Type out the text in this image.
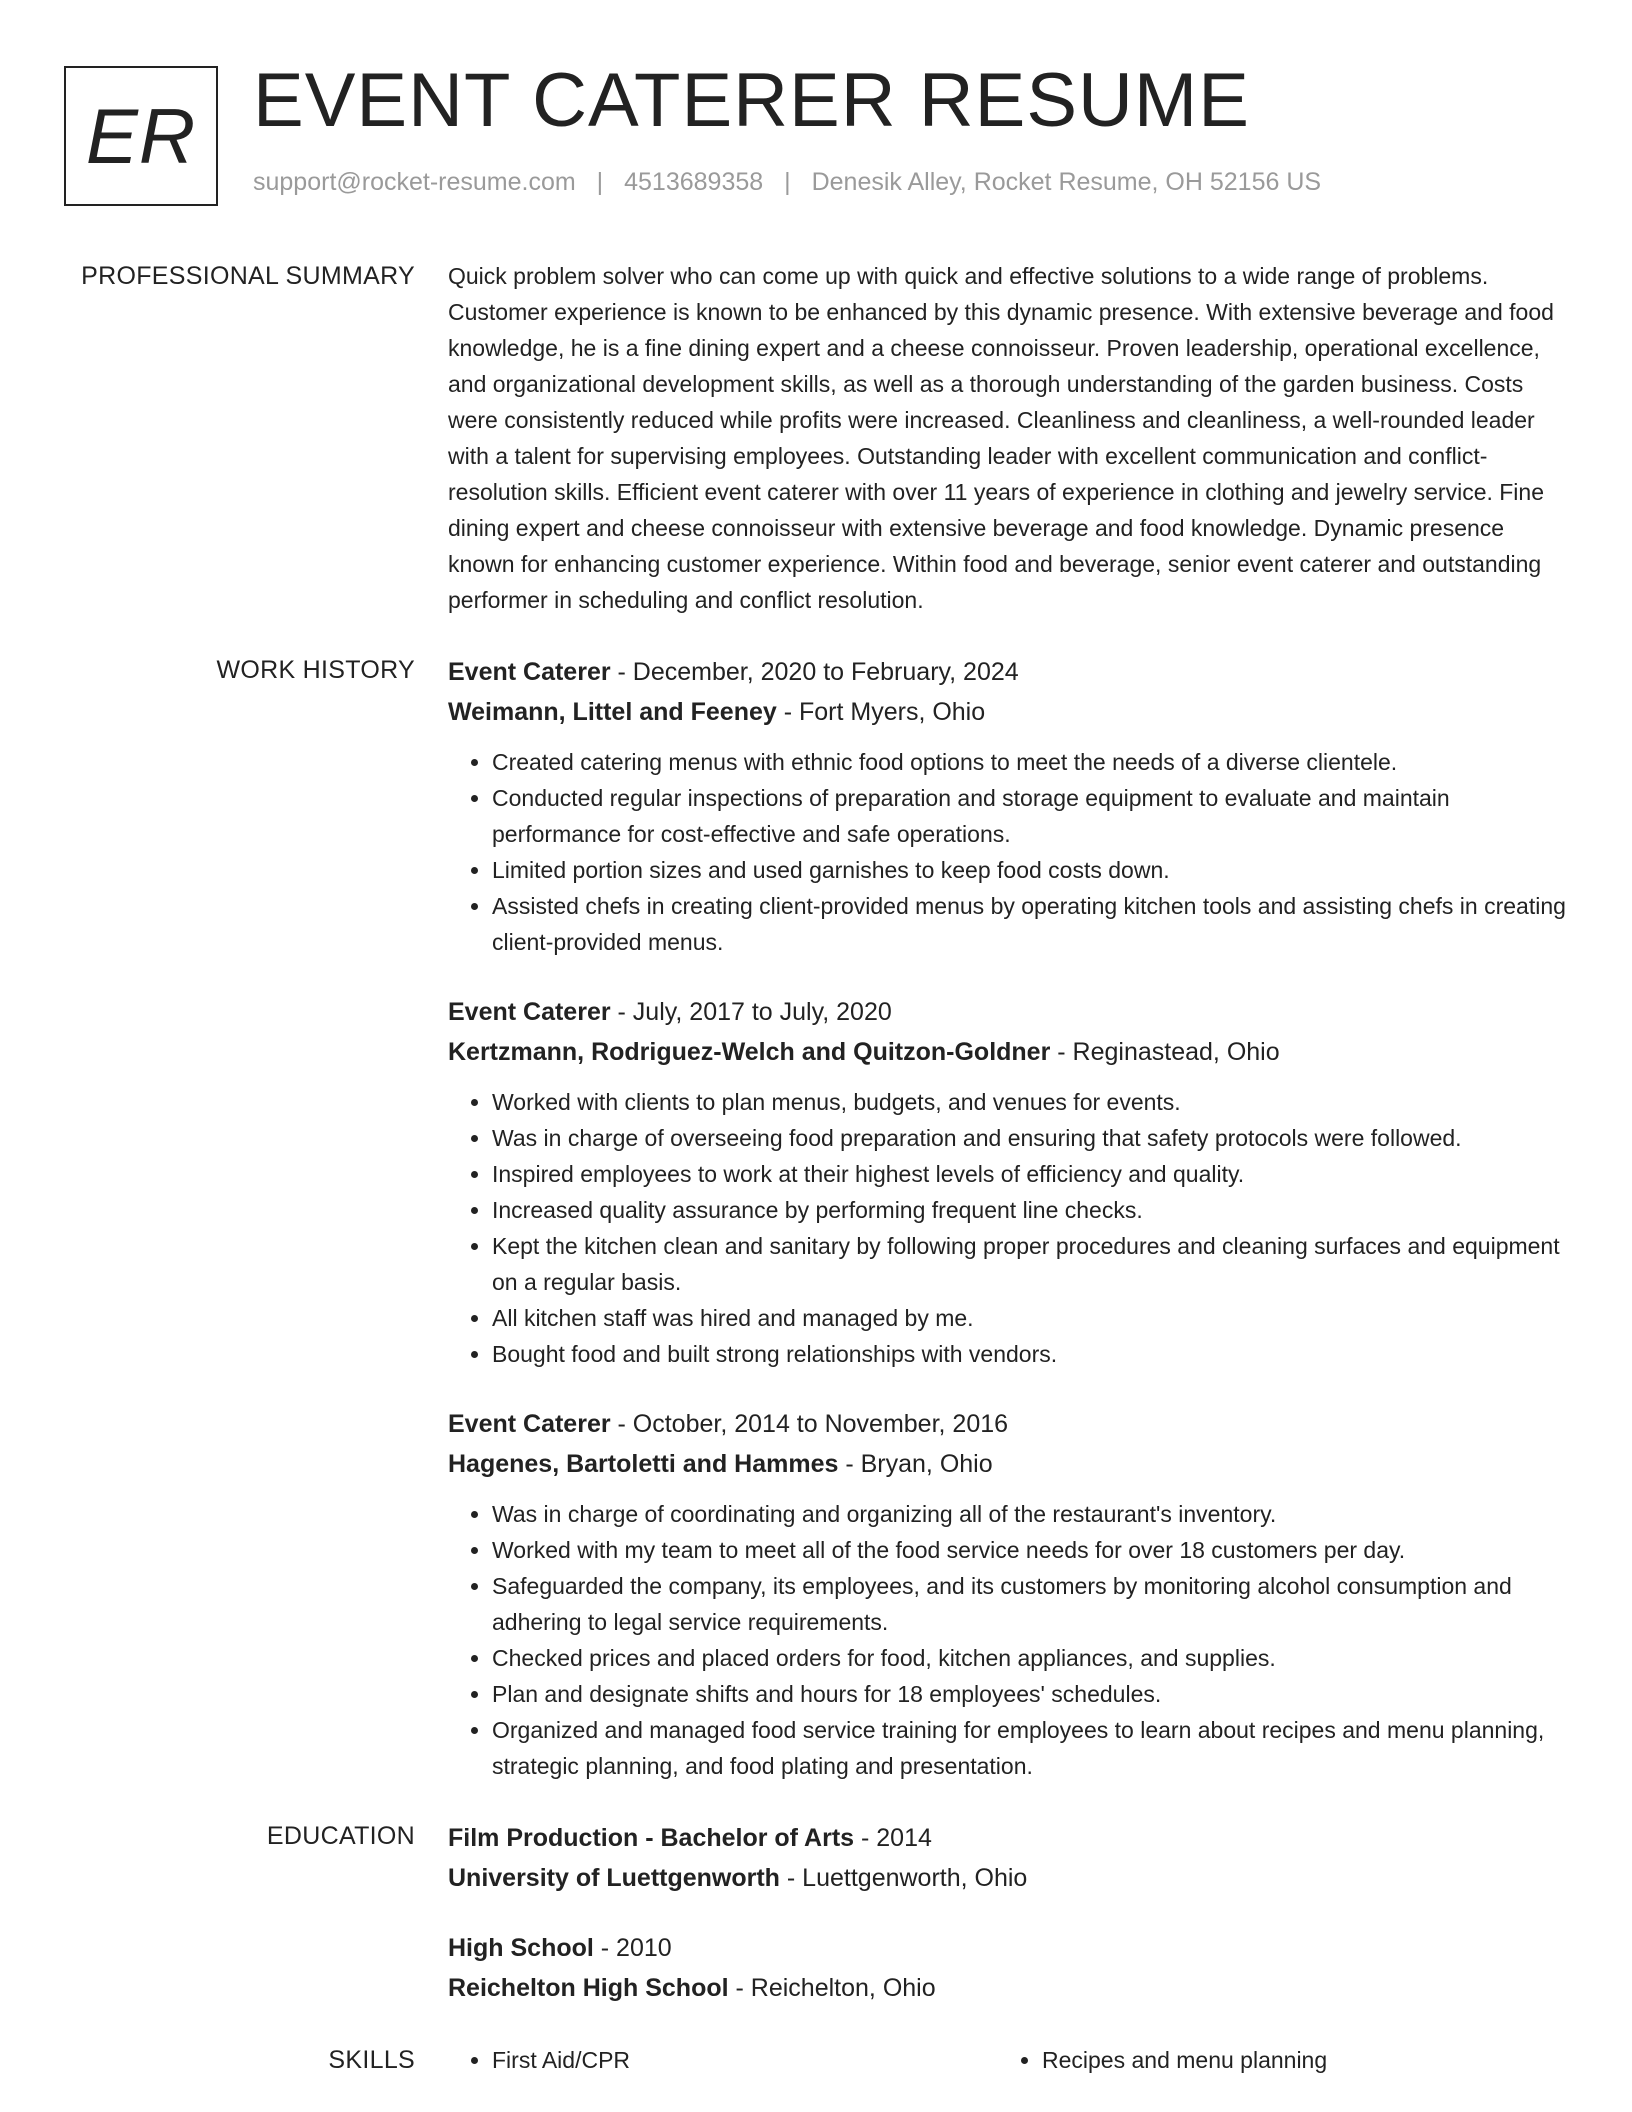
ER EVENT CATERER RESUME
support@rocket-resume.com | 4513689358 | Denesik Alley, Rocket Resume, OH 52156 US
PROFESSIONAL SUMMARY Quick problem solver who can come up with quick and effective solutions to a wide range of problems. Customer experience is known to be enhanced by this dynamic presence. With extensive beverage and food knowledge, he is a fine dining expert and a cheese connoisseur. Proven leadership, operational excellence, and organizational development skills, as well as a thorough understanding of the garden business. Costs were consistently reduced while profits were increased. Cleanliness and cleanliness, a well-rounded leader with a talent for supervising employees. Outstanding leader with excellent communication and conflict-resolution skills. Efficient event caterer with over 11 years of experience in clothing and jewelry service. Fine dining expert and cheese connoisseur with extensive beverage and food knowledge. Dynamic presence known for enhancing customer experience. Within food and beverage, senior event caterer and outstanding performer in scheduling and conflict resolution.

WORK HISTORY Event Caterer - December, 2020 to February, 2024
Weimann, Littel and Feeney - Fort Myers, Ohio
• Created catering menus with ethnic food options to meet the needs of a diverse clientele.
• Conducted regular inspections of preparation and storage equipment to evaluate and maintain performance for cost-effective and safe operations.
• Limited portion sizes and used garnishes to keep food costs down.
• Assisted chefs in creating client-provided menus by operating kitchen tools and assisting chefs in creating client-provided menus.
Event Caterer - July, 2017 to July, 2020
Kertzmann, Rodriguez-Welch and Quitzon-Goldner - Reginastead, Ohio
• Worked with clients to plan menus, budgets, and venues for events.
• Was in charge of overseeing food preparation and ensuring that safety protocols were followed.
• Inspired employees to work at their highest levels of efficiency and quality.
• Increased quality assurance by performing frequent line checks.
• Kept the kitchen clean and sanitary by following proper procedures and cleaning surfaces and equipment on a regular basis.
• All kitchen staff was hired and managed by me.
• Bought food and built strong relationships with vendors.
Event Caterer - October, 2014 to November, 2016
Hagenes, Bartoletti and Hammes - Bryan, Ohio
• Was in charge of coordinating and organizing all of the restaurant's inventory.
• Worked with my team to meet all of the food service needs for over 18 customers per day.
• Safeguarded the company, its employees, and its customers by monitoring alcohol consumption and adhering to legal service requirements.
• Checked prices and placed orders for food, kitchen appliances, and supplies.
• Plan and designate shifts and hours for 18 employees' schedules.
• Organized and managed food service training for employees to learn about recipes and menu planning, strategic planning, and food plating and presentation.
EDUCATION Film Production - Bachelor of Arts - 2014
University of Luettgenworth - Luettgenworth, Ohio
High School - 2010
Reichelton High School - Reichelton, Ohio
SKILLS	• First Aid/CPR	• Recipes and menu planning
